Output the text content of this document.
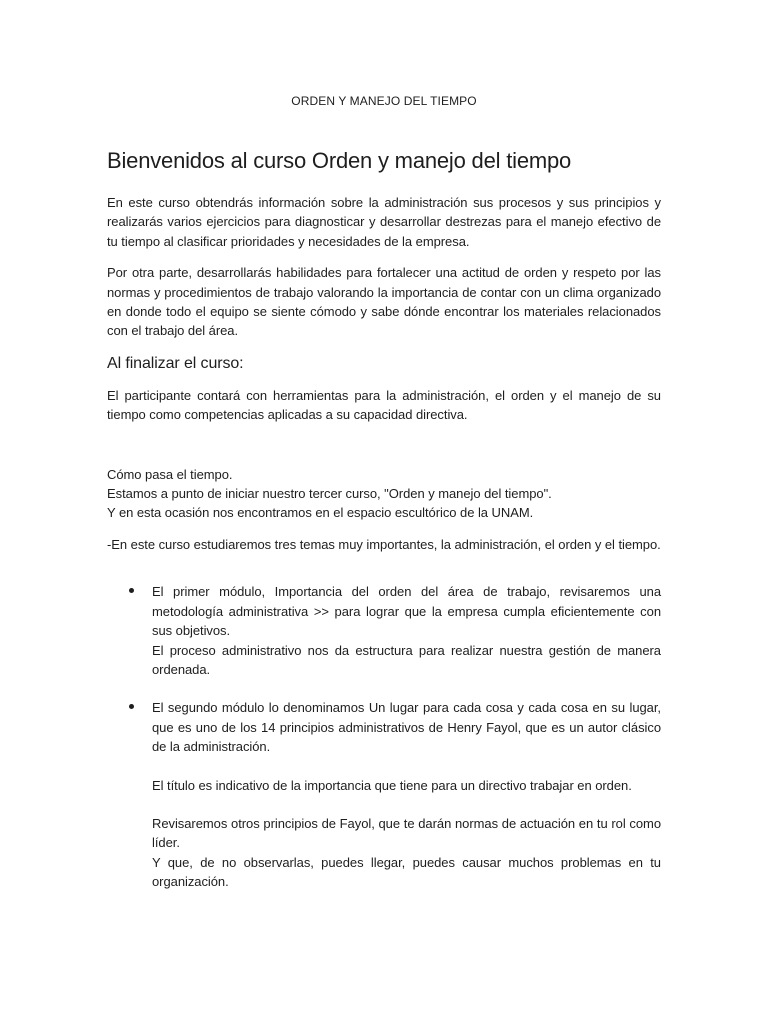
ORDEN Y MANEJO DEL TIEMPO
Bienvenidos al curso Orden y manejo del tiempo

En este curso obtendrás información sobre la administración sus procesos y sus principios y realizarás varios ejercicios para diagnosticar y desarrollar destrezas para el manejo efectivo de tu tiempo al clasificar prioridades y necesidades de la empresa.

Por otra parte, desarrollarás habilidades para fortalecer una actitud de orden y respeto por las normas y procedimientos de trabajo valorando la importancia de contar con un clima organizado en donde todo el equipo se siente cómodo y sabe dónde encontrar los materiales relacionados con el trabajo del área.

Al finalizar el curso:

El participante contará con herramientas para la administración, el orden y el manejo de su tiempo como competencias aplicadas a su capacidad directiva.

Cómo pasa el tiempo.
Estamos a punto de iniciar nuestro tercer curso, "Orden y manejo del tiempo".
Y en esta ocasión nos encontramos en el espacio escultórico de la UNAM.

-En este curso estudiaremos tres temas muy importantes, la administración, el orden y el tiempo.

El primer módulo, Importancia del orden del área de trabajo, revisaremos una metodología administrativa >> para lograr que la empresa cumpla eficientemente con sus objetivos.

El proceso administrativo nos da estructura para realizar nuestra gestión de manera ordenada.

El segundo módulo lo denominamos Un lugar para cada cosa y cada cosa en su lugar, que es uno de los 14 principios administrativos de Henry Fayol, que es un autor clásico de la administración.

El título es indicativo de la importancia que tiene para un directivo trabajar en orden.

Revisaremos otros principios de Fayol, que te darán normas de actuación en tu rol como líder.

Y que, de no observarlas, puedes llegar, puedes causar muchos problemas en tu organización.
